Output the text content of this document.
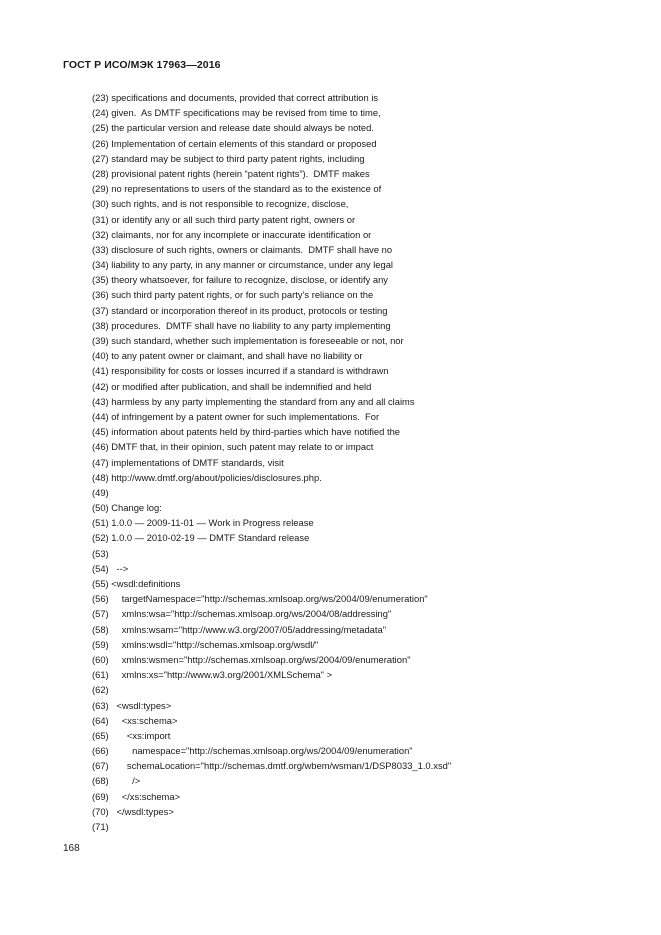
ГОСТ Р ИСО/МЭК 17963—2016
(23) specifications and documents, provided that correct attribution is
(24) given.  As DMTF specifications may be revised from time to time,
(25) the particular version and release date should always be noted.
(26) Implementation of certain elements of this standard or proposed
(27) standard may be subject to third party patent rights, including
(28) provisional patent rights (herein “patent rights”).  DMTF makes
(29) no representations to users of the standard as to the existence of
(30) such rights, and is not responsible to recognize, disclose,
(31) or identify any or all such third party patent right, owners or
(32) claimants, nor for any incomplete or inaccurate identification or
(33) disclosure of such rights, owners or claimants.  DMTF shall have no
(34) liability to any party, in any manner or circumstance, under any legal
(35) theory whatsoever, for failure to recognize, disclose, or identify any
(36) such third party patent rights, or for such party’s reliance on the
(37) standard or incorporation thereof in its product, protocols or testing
(38) procedures.  DMTF shall have no liability to any party implementing
(39) such standard, whether such implementation is foreseeable or not, nor
(40) to any patent owner or claimant, and shall have no liability or
(41) responsibility for costs or losses incurred if a standard is withdrawn
(42) or modified after publication, and shall be indemnified and held
(43) harmless by any party implementing the standard from any and all claims
(44) of infringement by a patent owner for such implementations.  For
(45) information about patents held by third-parties which have notified the
(46) DMTF that, in their opinion, such patent may relate to or impact
(47) implementations of DMTF standards, visit
(48) http://www.dmtf.org/about/policies/disclosures.php.
(49)
(50) Change log:
(51) 1.0.0 — 2009-11-01 — Work in Progress release
(52) 1.0.0 — 2010-02-19 — DMTF Standard release
(53)
(54)   -->
(55) <wsdl:definitions
(56)     targetNamespace="http://schemas.xmlsoap.org/ws/2004/09/enumeration"
(57)     xmlns:wsa="http://schemas.xmlsoap.org/ws/2004/08/addressing"
(58)     xmlns:wsam="http://www.w3.org/2007/05/addressing/metadata"
(59)     xmlns:wsdl="http://schemas.xmlsoap.org/wsdl/"
(60)     xmlns:wsmen="http://schemas.xmlsoap.org/ws/2004/09/enumeration"
(61)     xmlns:xs="http://www.w3.org/2001/XMLSchema" >
(62)
(63)   <wsdl:types>
(64)     <xs:schema>
(65)       <xs:import
(66)         namespace="http://schemas.xmlsoap.org/ws/2004/09/enumeration"
(67)       schemaLocation="http://schemas.dmtf.org/wbem/wsman/1/DSP8033_1.0.xsd"
(68)         />
(69)     </xs:schema>
(70)   </wsdl:types>
(71)
168
